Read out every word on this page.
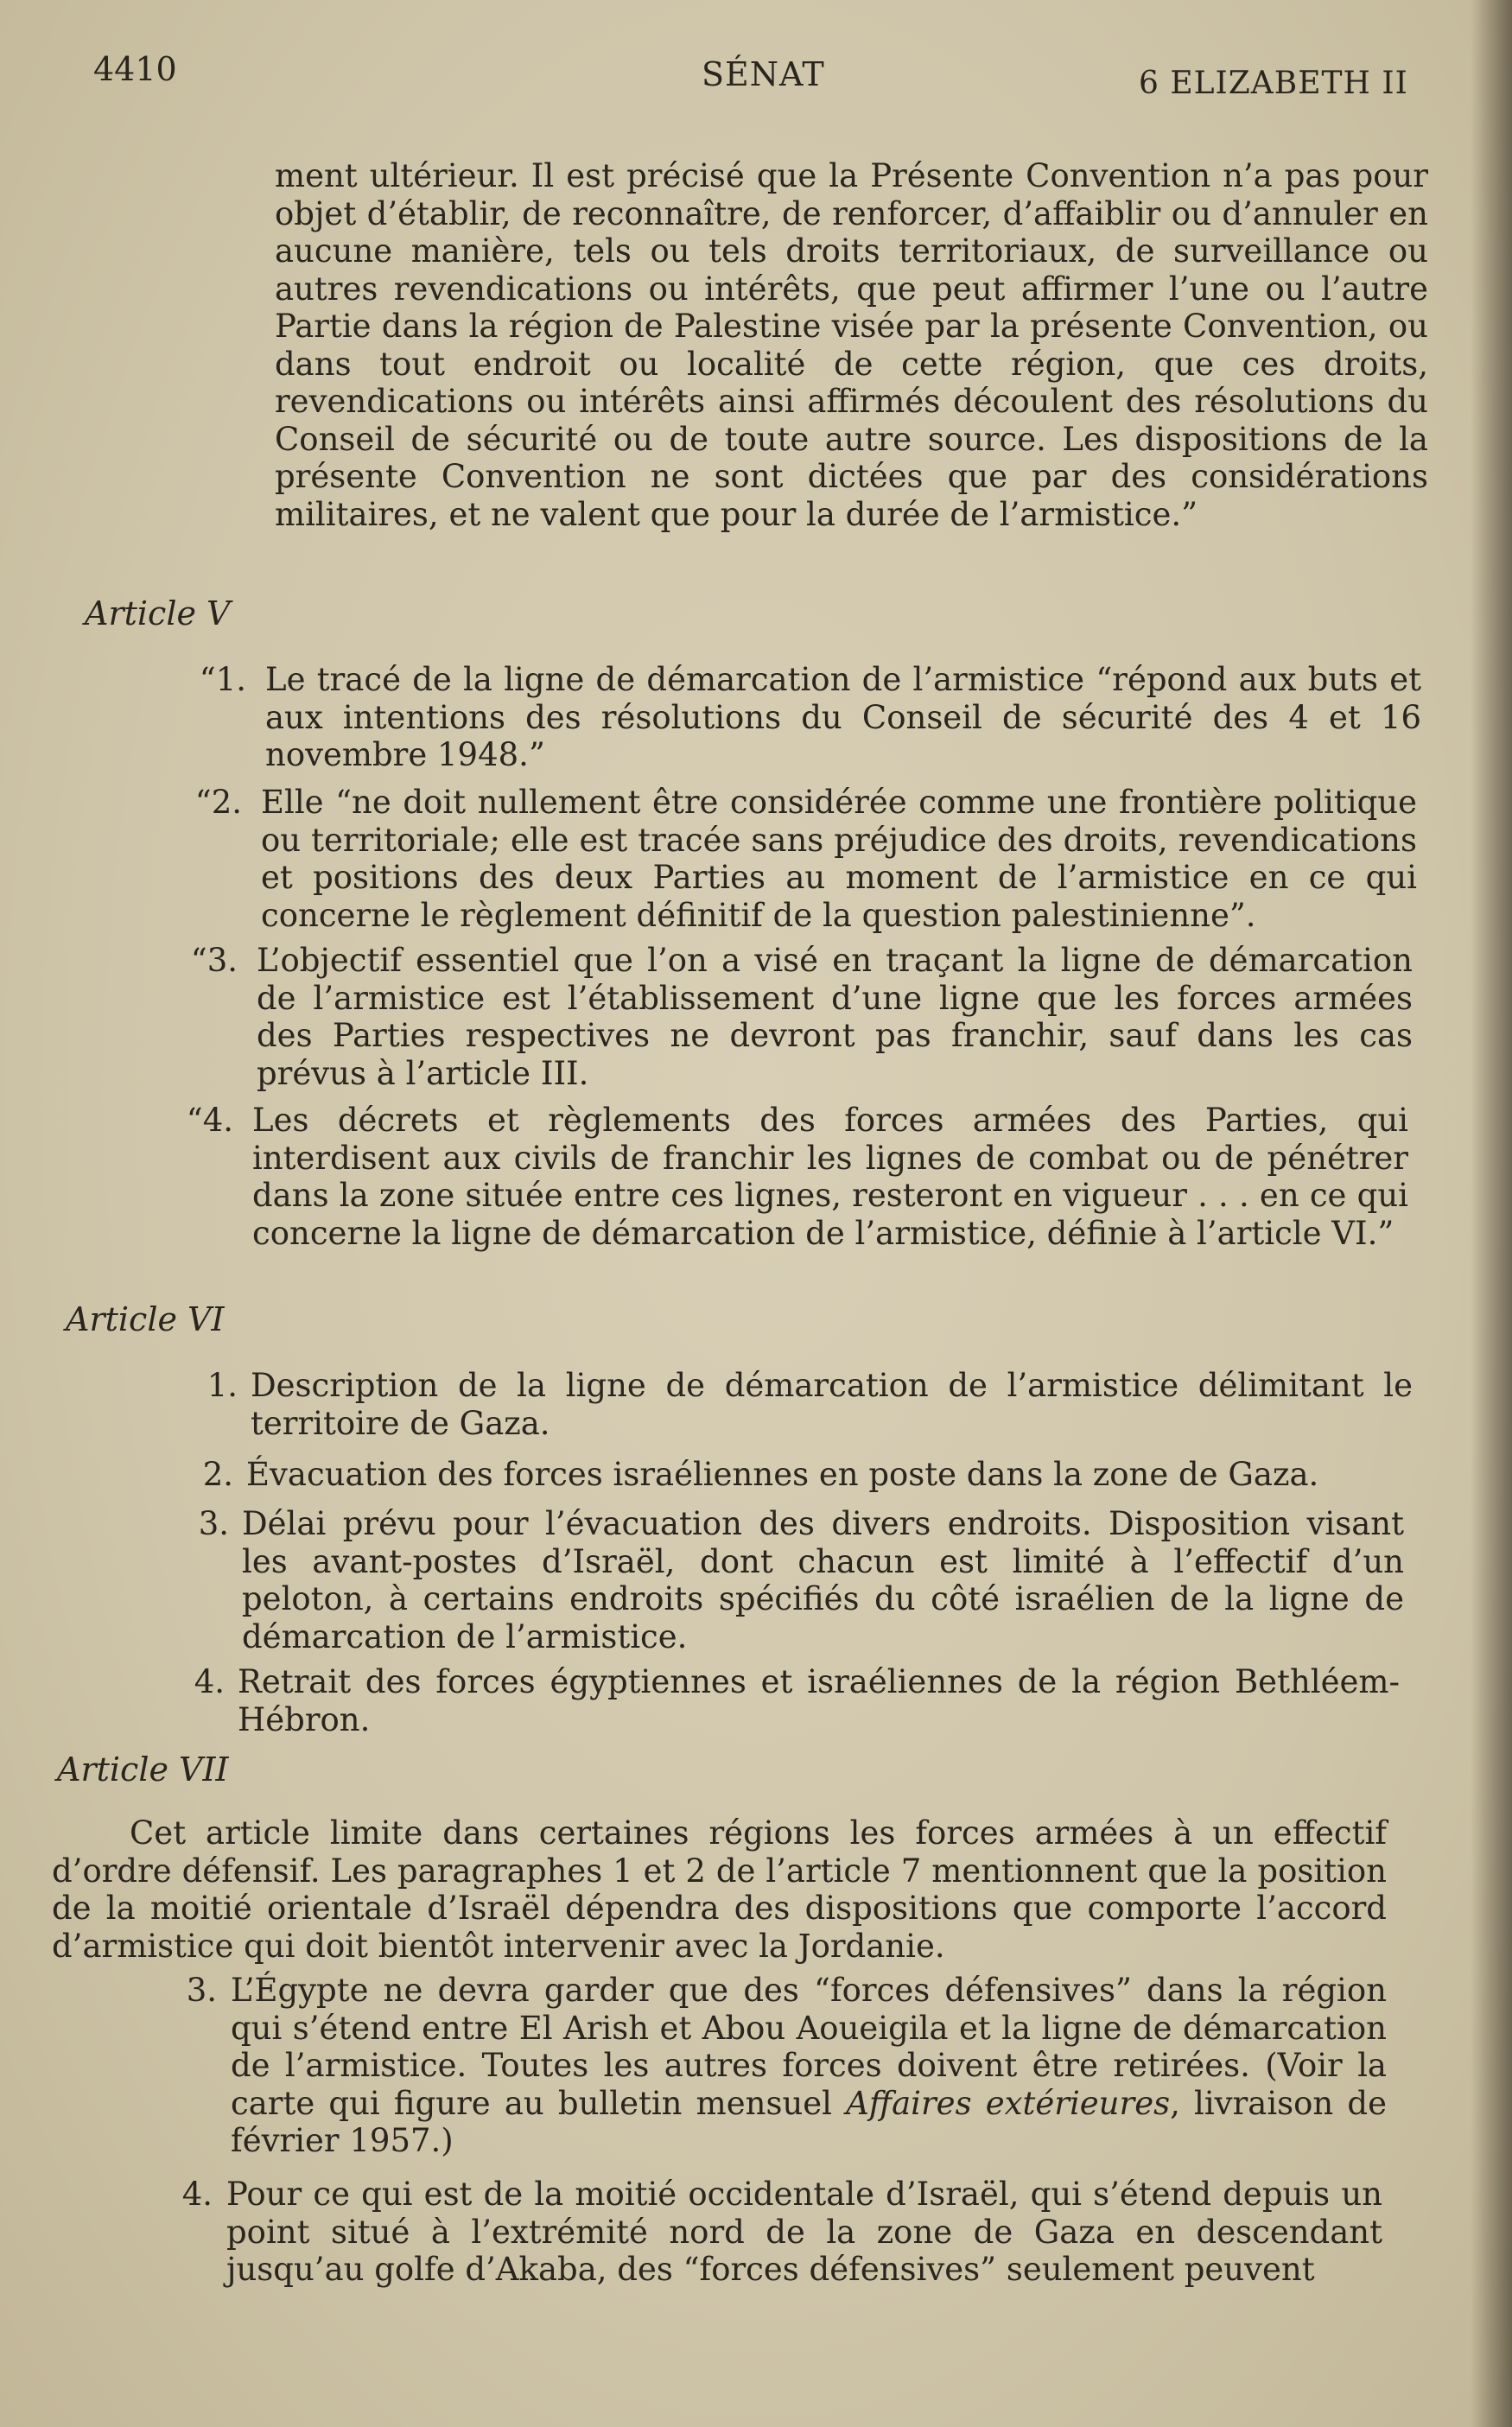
4410	SÉNAT	6 ELIZABETH II

ment ultérieur. Il est précisé que la Présente Convention n’a pas pour objet d’établir, de reconnaître, de renforcer, d’affaiblir ou d’annuler en aucune manière, tels ou tels droits territoriaux, de surveillance ou autres revendications ou intérêts, que peut affirmer l’une ou l’autre Partie dans la région de Palestine visée par la présente Convention, ou dans tout endroit ou localité de cette région, que ces droits, revendications ou intérêts ainsi affirmés découlent des résolutions du Conseil de sécurité ou de toute autre source. Les dispositions de la présente Convention ne sont dictées que par des considérations militaires, et ne valent que pour la durée de l’armistice.”

Article V

“1. Le tracé de la ligne de démarcation de l’armistice “répond aux buts et aux intentions des résolutions du Conseil de sécurité des 4 et 16 novembre 1948.”
“2. Elle “ne doit nullement être considérée comme une frontière politique ou territoriale; elle est tracée sans préjudice des droits, revendications et positions des deux Parties au moment de l’armistice en ce qui concerne le règlement définitif de la question palestinienne”.
“3. L’objectif essentiel que l’on a visé en traçant la ligne de démarcation de l’armistice est l’établissement d’une ligne que les forces armées des Parties respectives ne devront pas franchir, sauf dans les cas prévus à l’article III.
“4. Les décrets et règlements des forces armées des Parties, qui interdisent aux civils de franchir les lignes de combat ou de pénétrer dans la zone située entre ces lignes, resteront en vigueur . . . en ce qui concerne la ligne de démarcation de l’armistice, définie à l’article VI.”

Article VI

1. Description de la ligne de démarcation de l’armistice délimitant le territoire de Gaza.
2. Évacuation des forces israéliennes en poste dans la zone de Gaza.
3. Délai prévu pour l’évacuation des divers endroits. Disposition visant les avant-postes d’Israël, dont chacun est limité à l’effectif d’un peloton, à certains endroits spécifiés du côté israélien de la ligne de démarcation de l’armistice.
4. Retrait des forces égyptiennes et israéliennes de la région Bethléem-Hébron.

Article VII

Cet article limite dans certaines régions les forces armées à un effectif d’ordre défensif. Les paragraphes 1 et 2 de l’article 7 mentionnent que la position de la moitié orientale d’Israël dépendra des dispositions que comporte l’accord d’armistice qui doit bientôt intervenir avec la Jordanie.

3. L’Égypte ne devra garder que des “forces défensives” dans la région qui s’étend entre El Arish et Abou Aoueigila et la ligne de démarcation de l’armistice. Toutes les autres forces doivent être retirées. (Voir la carte qui figure au bulletin mensuel Affaires extérieures, livraison de février 1957.)
4. Pour ce qui est de la moitié occidentale d’Israël, qui s’étend depuis un point situé à l’extrémité nord de la zone de Gaza en descendant jusqu’au golfe d’Akaba, des “forces défensives” seulement peuvent
